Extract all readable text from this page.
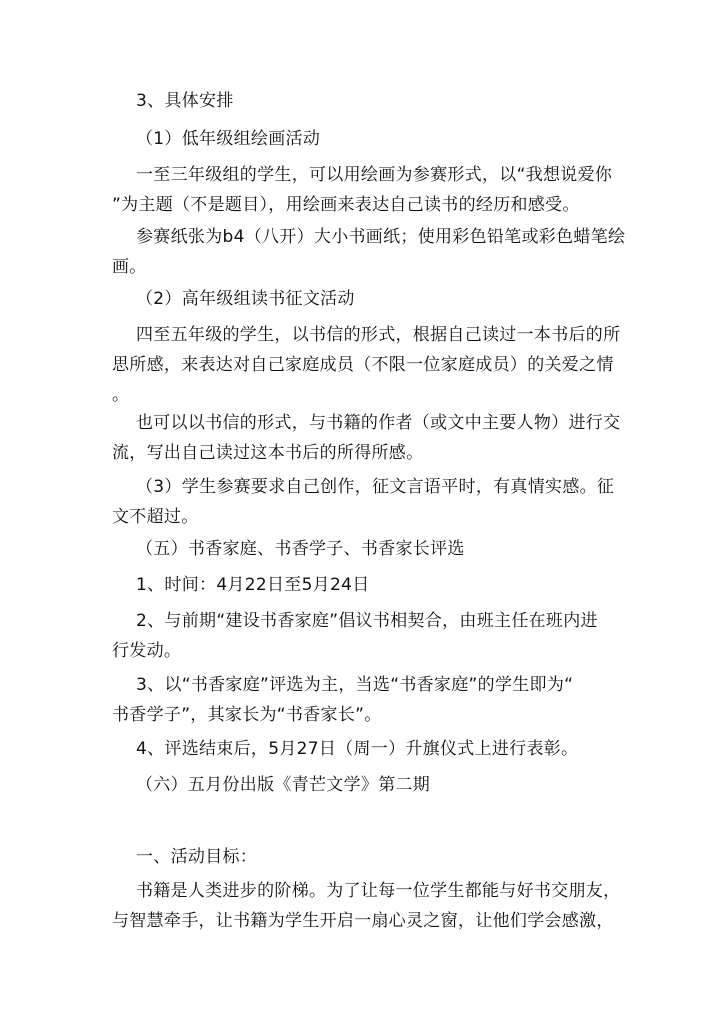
3、具体安排

（1）低年级组绘画活动

一至三年级组的学生，可以用绘画为参赛形式，以“我想说爱你
”为主题（不是题目），用绘画来表达自己读书的经历和感受。

参赛纸张为b4（八开）大小书画纸；使用彩色铅笔或彩色蜡笔绘
画。

（2）高年级组读书征文活动

四至五年级的学生，以书信的形式，根据自己读过一本书后的所
思所感，来表达对自己家庭成员（不限一位家庭成员）的关爱之情
。

也可以以书信的形式，与书籍的作者（或文中主要人物）进行交
流，写出自己读过这本书后的所得所感。

（3）学生参赛要求自己创作，征文言语平时，有真情实感。征
文不超过。

（五）书香家庭、书香学子、书香家长评选

1、时间：4月22日至5月24日

2、与前期“建设书香家庭”倡议书相契合，由班主任在班内进
行发动。

3、以“书香家庭”评选为主，当选“书香家庭”的学生即为“
书香学子”，其家长为“书香家长”。

4、评选结束后，5月27日（周一）升旗仪式上进行表彰。

（六）五月份出版《青芒文学》第二期

一、活动目标：

书籍是人类进步的阶梯。为了让每一位学生都能与好书交朋友，
与智慧牵手，让书籍为学生开启一扇心灵之窗，让他们学会感激，
